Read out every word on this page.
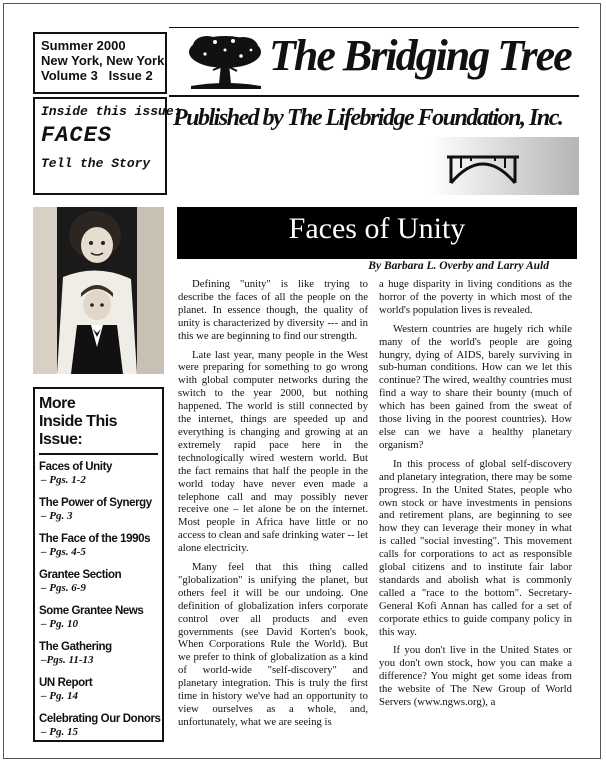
Summer 2000
New York, New York
Volume 3   Issue 2
Inside this issue:
FACES
Tell the Story
The Bridging Tree
Published by The Lifebridge Foundation, Inc.
More
Inside This Issue:
Faces of Unity
– Pgs. 1-2
The Power of Synergy
– Pg. 3
The Face of the 1990s
– Pgs. 4-5
Grantee Section
– Pgs. 6-9
Some Grantee News
– Pg. 10
The Gathering
–Pgs. 11-13
UN Report
– Pg. 14
Celebrating Our Donors
– Pg. 15
Faces of Unity
By Barbara L. Overby and Larry Auld

Defining "unity" is like trying to describe the faces of all the people on the planet. In essence though, the quality of unity is characterized by diversity --- and in this we are beginning to find our strength.

Late last year, many people in the West were preparing for something to go wrong with global computer networks during the switch to the year 2000, but nothing happened. The world is still connected by the internet, things are speeded up and everything is changing and growing at an extremely rapid pace here in the technologically wired western world. But the fact remains that half the people in the world today have never even made a telephone call and may possibly never receive one – let alone be on the internet. Most people in Africa have little or no access to clean and safe drinking water -- let alone electricity.

Many feel that this thing called "globalization" is unifying the planet, but others feel it will be our undoing. One definition of globalization infers corporate control over all products and even governments (see David Korten's book, When Corporations Rule the World). But we prefer to think of globalization as a kind of world-wide "self-discovery" and planetary integration. This is truly the first time in history we've had an opportunity to view ourselves as a whole, and, unfortunately, what we are seeing is

a huge disparity in living conditions as the horror of the poverty in which most of the world's population lives is revealed.

Western countries are hugely rich while many of the world's people are going hungry, dying of AIDS, barely surviving in sub-human conditions. How can we let this continue? The wired, wealthy countries must find a way to share their bounty (much of which has been gained from the sweat of those living in the poorest countries). How else can we have a healthy planetary organism?

In this process of global self-discovery and planetary integration, there may be some progress. In the United States, people who own stock or have investments in pensions and retirement plans, are beginning to see how they can leverage their money in what is called "social investing". This movement calls for corporations to act as responsible global citizens and to institute fair labor standards and abolish what is commonly called a "race to the bottom". Secretary-General Kofi Annan has called for a set of corporate ethics to guide company policy in this way.

If you don't live in the United States or you don't own stock, how you can make a difference? You might get some ideas from the website of The New Group of World Servers (www.ngws.org), a
